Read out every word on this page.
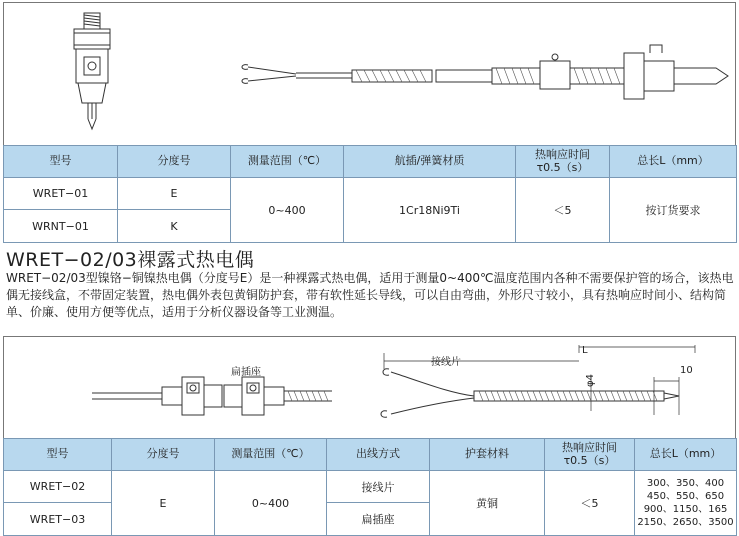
型号	分度号	测量范围（℃）	航插/弹簧材质	热响应时间
τ0.5（s）	总长L（mm）
WRET−01	E	0~400	1Cr18Ni9Ti	＜5	按订货要求
WRNT−01	K				
WRET−02/03裸露式热电偶

WRET−02/03型镍铬−铜镍热电偶（分度号E）是一种裸露式热电偶，适用于测量0~400℃温度范围内各种不需要保护管的场合，该热电偶无接线盒，不带固定装置，热电偶外表包黄铜防护套，带有软性延长导线，可以自由弯曲，外形尺寸较小，具有热响应时间小、结构简单、价廉、使用方便等优点，适用于分析仪器设备等工业测温。

扁插座
接线片
L
φ4
10
型号	分度号	测量范围（℃）	出线方式	护套材料	热响应时间
τ0.5（s）	总长L（mm）
WRET−02	E	0~400	接线片	黄铜	＜5	300、350、400
450、550、650
900、1150、165
2150、2650、3500

WRET−03			扁插座			
